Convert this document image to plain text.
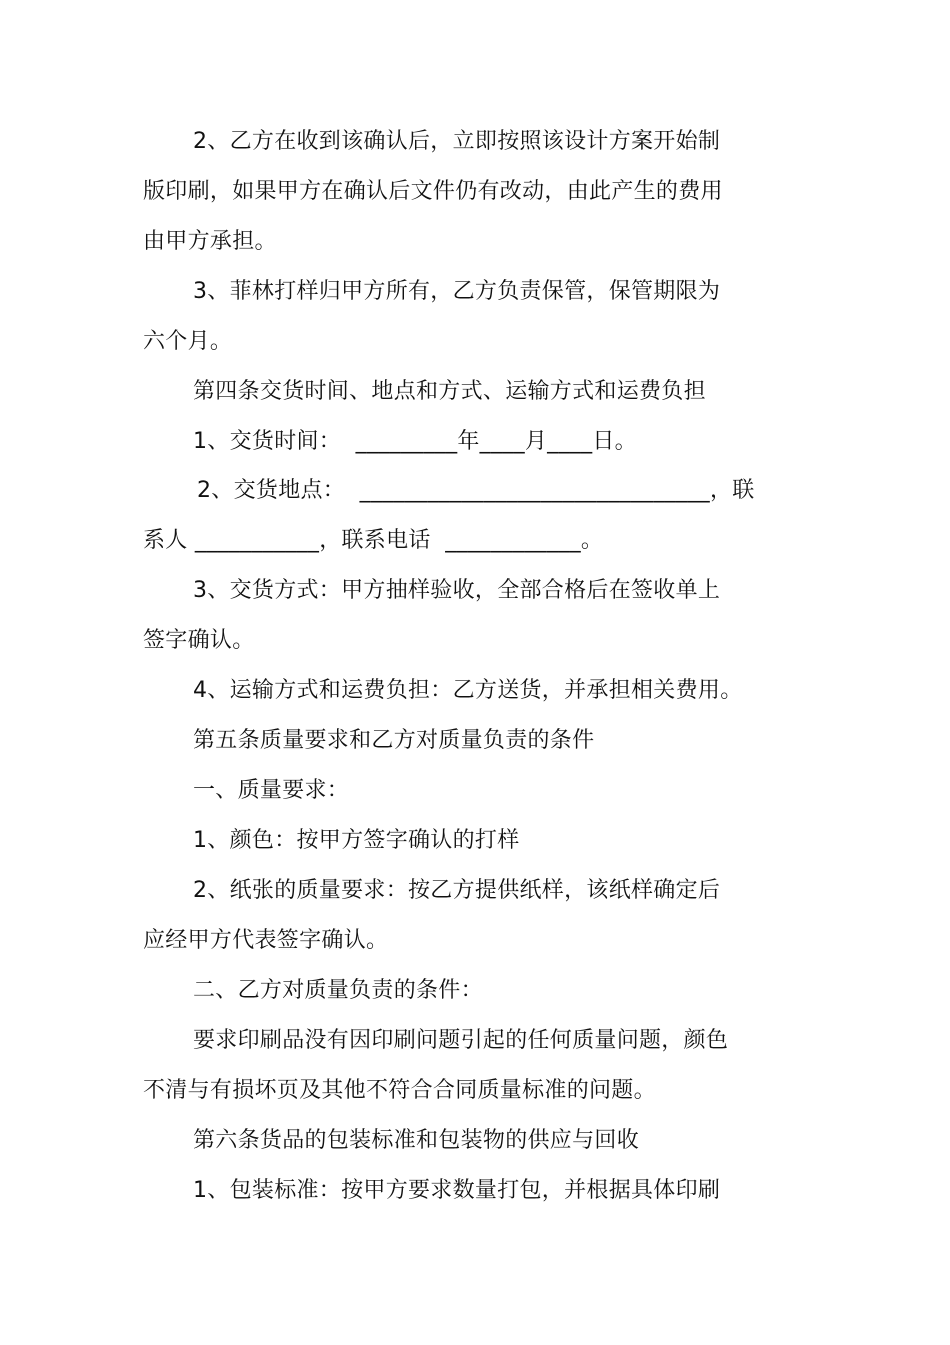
2、乙方在收到该确认后，立即按照该设计方案开始制
版印刷，如果甲方在确认后文件仍有改动，由此产生的费用
由甲方承担。
3、菲林打样归甲方所有，乙方负责保管，保管期限为
六个月。
第四条交货时间、地点和方式、运输方式和运费负担
1、交货时间：  _________年____月____日。
2、交货地点：  _______________________________，联
系人 ___________，联系电话  ____________。
3、交货方式：甲方抽样验收，全部合格后在签收单上
签字确认。
4、运输方式和运费负担：乙方送货，并承担相关费用。
第五条质量要求和乙方对质量负责的条件
一、质量要求：
1、颜色：按甲方签字确认的打样
2、纸张的质量要求：按乙方提供纸样，该纸样确定后
应经甲方代表签字确认。
二、乙方对质量负责的条件：
要求印刷品没有因印刷问题引起的任何质量问题，颜色
不清与有损坏页及其他不符合合同质量标准的问题。
第六条货品的包装标准和包装物的供应与回收
1、包装标准：按甲方要求数量打包，并根据具体印刷
